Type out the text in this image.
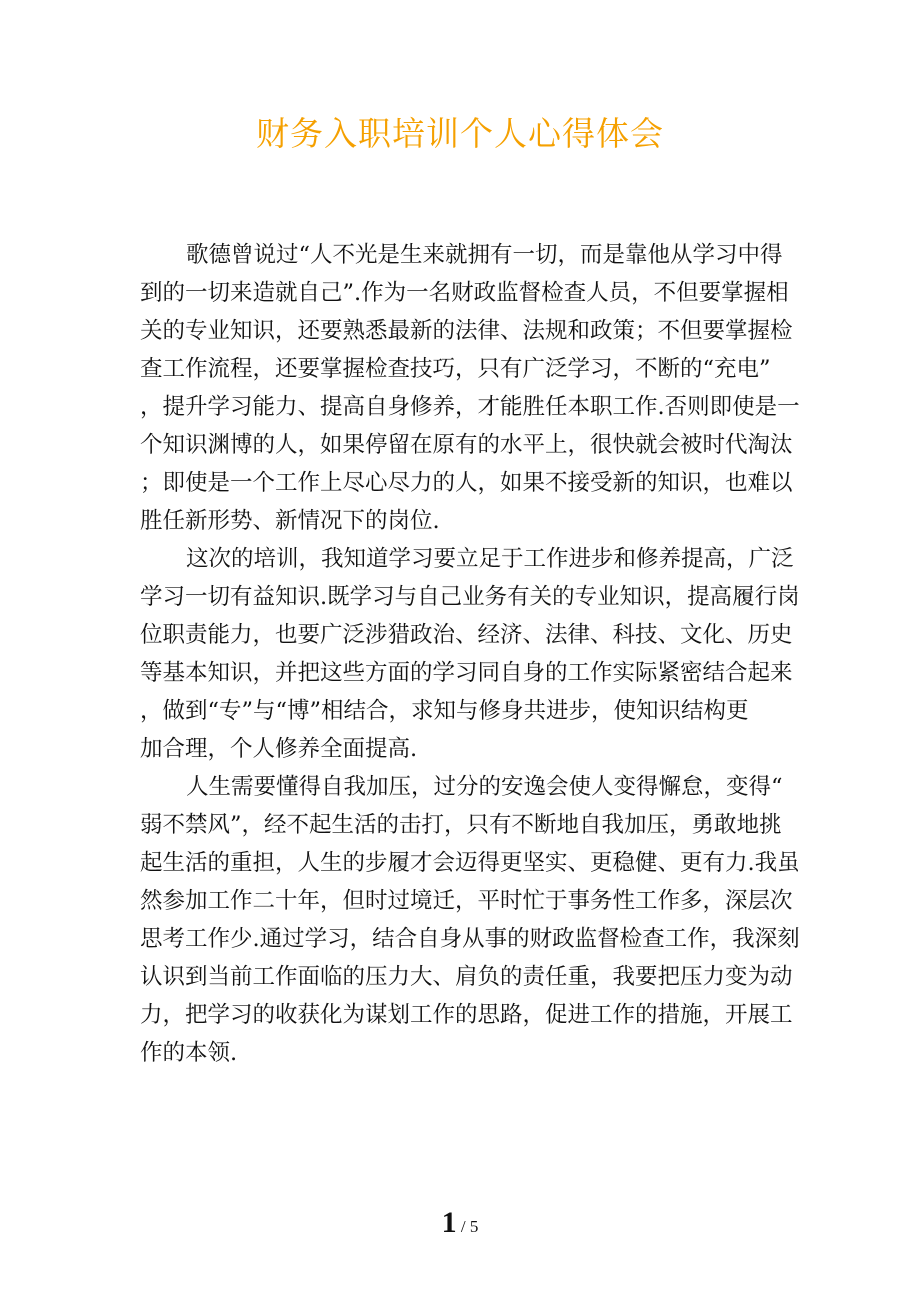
财务入职培训个人心得体会
歌德曾说过“人不光是生来就拥有一切，而是靠他从学习中得
到的一切来造就自己”.作为一名财政监督检查人员，不但要掌握相
关的专业知识，还要熟悉最新的法律、法规和政策；不但要掌握检
查工作流程，还要掌握检查技巧，只有广泛学习，不断的“充电”
，提升学习能力、提高自身修养，才能胜任本职工作.否则即使是一
个知识渊博的人，如果停留在原有的水平上，很快就会被时代淘汰
；即使是一个工作上尽心尽力的人，如果不接受新的知识，也难以
胜任新形势、新情况下的岗位.
这次的培训，我知道学习要立足于工作进步和修养提高，广泛
学习一切有益知识.既学习与自己业务有关的专业知识，提高履行岗
位职责能力，也要广泛涉猎政治、经济、法律、科技、文化、历史
等基本知识，并把这些方面的学习同自身的工作实际紧密结合起来
，做到“专”与“博”相结合，求知与修身共进步，使知识结构更
加合理，个人修养全面提高.
人生需要懂得自我加压，过分的安逸会使人变得懈怠，变得“
弱不禁风”，经不起生活的击打，只有不断地自我加压，勇敢地挑
起生活的重担，人生的步履才会迈得更坚实、更稳健、更有力.我虽
然参加工作二十年，但时过境迁，平时忙于事务性工作多，深层次
思考工作少.通过学习，结合自身从事的财政监督检查工作，我深刻
认识到当前工作面临的压力大、肩负的责任重，我要把压力变为动
力，把学习的收获化为谋划工作的思路，促进工作的措施，开展工
作的本领.
1 / 5
